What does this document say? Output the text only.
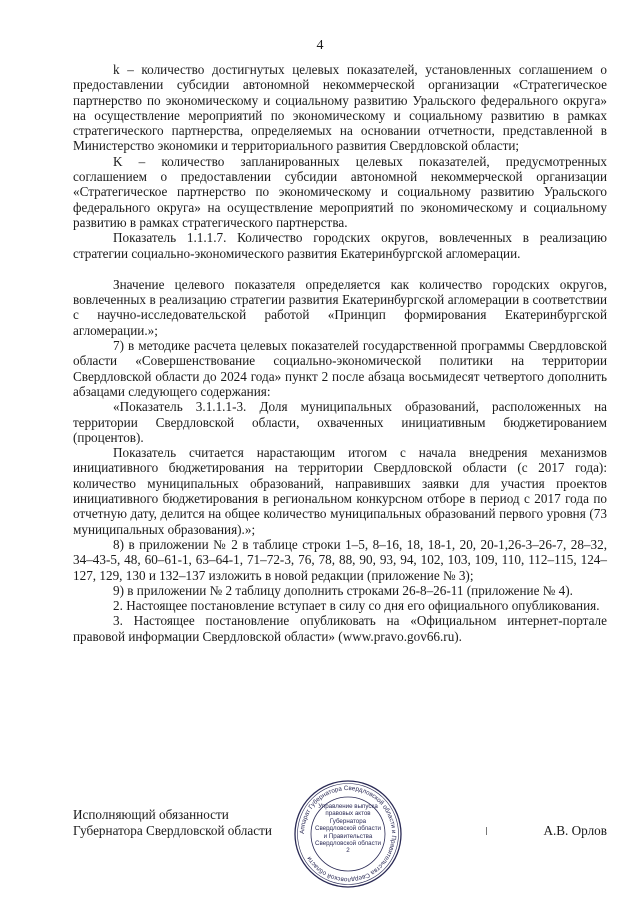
4

k – количество достигнутых целевых показателей, установленных соглашением о предоставлении субсидии автономной некоммерческой организации «Стратегическое партнерство по экономическому и социальному развитию Уральского федерального округа» на осуществление мероприятий по экономическому и социальному развитию в рамках стратегического партнерства, определяемых на основании отчетности, представленной в Министерство экономики и территориального развития Свердловской области;

K – количество запланированных целевых показателей, предусмотренных соглашением о предоставлении субсидии автономной некоммерческой организации «Стратегическое партнерство по экономическому и социальному развитию Уральского федерального округа» на осуществление мероприятий по экономическому и социальному развитию в рамках стратегического партнерства.

Показатель 1.1.1.7. Количество городских округов, вовлеченных в реализацию стратегии социально-экономического развития Екатеринбургской агломерации.

Значение целевого показателя определяется как количество городских округов, вовлеченных в реализацию стратегии развития Екатеринбургской агломерации в соответствии с научно-исследовательской работой «Принцип формирования Екатеринбургской агломерации.»;

7) в методике расчета целевых показателей государственной программы Свердловской области «Совершенствование социально-экономической политики на территории Свердловской области до 2024 года» пункт 2 после абзаца восьмидесят четвертого дополнить абзацами следующего содержания:

«Показатель 3.1.1.1-3. Доля муниципальных образований, расположенных на территории Свердловской области, охваченных инициативным бюджетированием (процентов).

Показатель считается нарастающим итогом с начала внедрения механизмов инициативного бюджетирования на территории Свердловской области (с 2017 года): количество муниципальных образований, направивших заявки для участия проектов инициативного бюджетирования в региональном конкурсном отборе в период с 2017 года по отчетную дату, делится на общее количество муниципальных образований первого уровня (73 муниципальных образования).»;

8) в приложении № 2 в таблице строки 1–5, 8–16, 18, 18-1, 20, 20-1,26-3–26-7, 28–32, 34–43-5, 48, 60–61-1, 63–64-1, 71–72-3, 76, 78, 88, 90, 93, 94, 102, 103, 109, 110, 112–115, 124–127, 129, 130 и 132–137 изложить в новой редакции (приложение № 3);

9) в приложении № 2 таблицу дополнить строками 26-8–26-11 (приложение № 4).

2. Настоящее постановление вступает в силу со дня его официального опубликования.

3. Настоящее постановление опубликовать на «Официальном интернет-портале правовой информации Свердловской области» (www.pravo.gov66.ru).

Исполняющий обязанности
Губернатора Свердловской области	А.В. Орлов
Аппарат Губернатора Свердловской области и Правительства Свердловской области
Управление выпуска правовых актов Губернатора Свердловской области и Правительства Свердловской области
2
